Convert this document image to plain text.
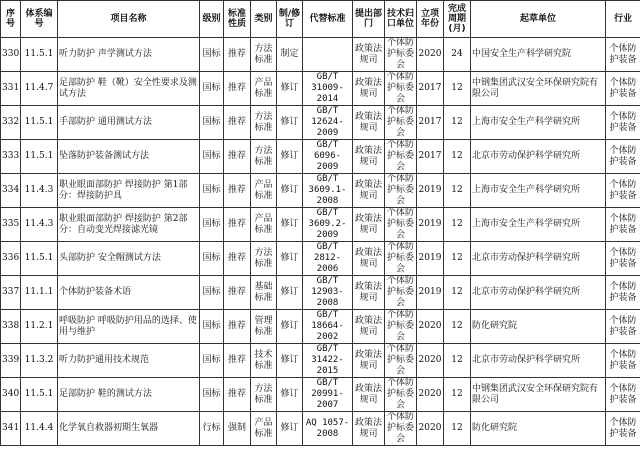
序号	体系编号	项目名称	级别	标准性质	类别	制/修订	代替标准	提出部门	技术归口单位	立项年份	完成周期(月)	起草单位	行业
330	11.5.1	听力防护 声学测试方法	国标	推荐	方法标准	制定		政策法规司	个体防护标委会	2020	24	中国安全生产科学研究院	个体防护装备
331	11.4.7	足部防护 鞋（靴）安全性要求及测试方法	国标	推荐	产品标准	修订	GB/T 31009-2014	政策法规司	个体防护标委会	2017	12	中钢集团武汉安全环保研究院有限公司	个体防护装备
332	11.5.1	手部防护 通用测试方法	国标	推荐	方法标准	修订	GB/T 12624-2009	政策法规司	个体防护标委会	2017	12	上海市安全生产科学研究所	个体防护装备
333	11.5.1	坠落防护装备测试方法	国标	推荐	方法标准	修订	GB/T 6096-2009	政策法规司	个体防护标委会	2017	12	北京市劳动保护科学研究所	个体防护装备
334	11.4.3	职业眼面部防护 焊接防护 第1部分：焊接防护具	国标	推荐	产品标准	修订	GB/T 3609.1-2008	政策法规司	个体防护标委会	2019	12	上海市安全生产科学研究所	个体防护装备
335	11.4.3	职业眼面部防护 焊接防护 第2部分：自动变光焊接滤光镜	国标	推荐	产品标准	修订	GB/T 3609.2-2009	政策法规司	个体防护标委会	2019	12	上海市安全生产科学研究所	个体防护装备
336	11.5.1	头部防护 安全帽测试方法	国标	推荐	方法标准	修订	GB/T 2812-2006	政策法规司	个体防护标委会	2019	12	北京市劳动保护科学研究所	个体防护装备
337	11.1.1	个体防护装备术语	国标	推荐	基础标准	修订	GB/T 12903-2008	政策法规司	个体防护标委会	2019	12	北京市劳动保护科学研究所	个体防护装备
338	11.2.1	呼吸防护 呼吸防护用品的选择、使用与维护	国标	推荐	管理标准	修订	GB/T 18664-2002	政策法规司	个体防护标委会	2020	12	防化研究院	个体防护装备
339	11.3.2	听力防护通用技术规范	国标	推荐	技术标准	修订	GB/T 31422-2015	政策法规司	个体防护标委会	2020	12	北京市劳动保护科学研究所	个体防护装备
340	11.5.1	足部防护 鞋的测试方法	国标	推荐	方法标准	修订	GB/T 20991-2007	政策法规司	个体防护标委会	2020	12	中钢集团武汉安全环保研究院有限公司	个体防护装备
341	11.4.4	化学氧自救器初期生氧器	行标	强制	产品标准	修订	AQ 1057-2008	政策法规司	个体防护标委会	2020	12	防化研究院	个体防护装备
